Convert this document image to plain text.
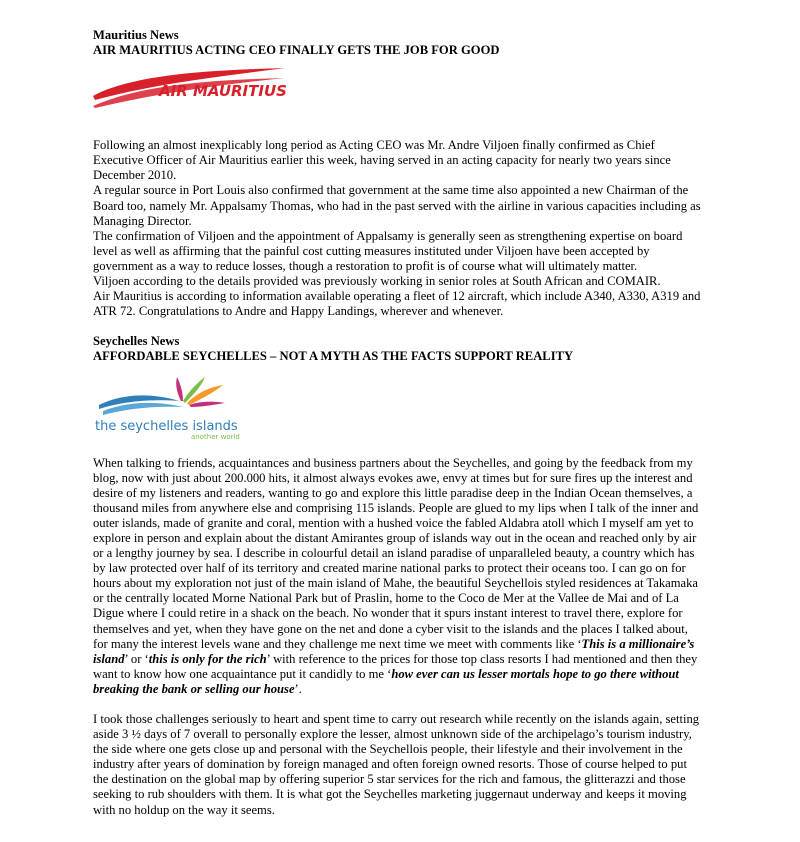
Mauritius News

AIR MAURITIUS ACTING CEO FINALLY GETS THE JOB FOR GOOD

AIR MAURITIUS

Following an almost inexplicably long period as Acting CEO was Mr. Andre Viljoen finally confirmed as Chief Executive Officer of Air Mauritius earlier this week, having served in an acting capacity for nearly two years since December 2010.

A regular source in Port Louis also confirmed that government at the same time also appointed a new Chairman of the Board too, namely Mr. Appalsamy Thomas, who had in the past served with the airline in various capacities including as Managing Director.

The confirmation of Viljoen and the appointment of Appalsamy is generally seen as strengthening expertise on board level as well as affirming that the painful cost cutting measures instituted under Viljoen have been accepted by government as a way to reduce losses, though a restoration to profit is of course what will ultimately matter.

Viljoen according to the details provided was previously working in senior roles at South African and COMAIR.

Air Mauritius is according to information available operating a fleet of 12 aircraft, which include A340, A330, A319 and ATR 72. Congratulations to Andre and Happy Landings, wherever and whenever.

Seychelles News

AFFORDABLE SEYCHELLES – NOT A MYTH AS THE FACTS SUPPORT REALITY

the seychelles islands
another world

When talking to friends, acquaintances and business partners about the Seychelles, and going by the feedback from my blog, now with just about 200.000 hits, it almost always evokes awe, envy at times but for sure fires up the interest and desire of my listeners and readers, wanting to go and explore this little paradise deep in the Indian Ocean themselves, a thousand miles from anywhere else and comprising 115 islands. People are glued to my lips when I talk of the inner and outer islands, made of granite and coral, mention with a hushed voice the fabled Aldabra atoll which I myself am yet to explore in person and explain about the distant Amirantes group of islands way out in the ocean and reached only by air or a lengthy journey by sea. I describe in colourful detail an island paradise of unparalleled beauty, a country which has by law protected over half of its territory and created marine national parks to protect their oceans too. I can go on for hours about my exploration not just of the main island of Mahe, the beautiful Seychellois styled residences at Takamaka or the centrally located Morne National Park but of Praslin, home to the Coco de Mer at the Vallee de Mai and of La Digue where I could retire in a shack on the beach. No wonder that it spurs instant interest to travel there, explore for themselves and yet, when they have gone on the net and done a cyber visit to the islands and the places I talked about, for many the interest levels wane and they challenge me next time we meet with comments like ‘This is a millionaire’s island’ or ‘this is only for the rich’ with reference to the prices for those top class resorts I had mentioned and then they want to know how one acquaintance put it candidly to me ‘how ever can us lesser mortals hope to go there without breaking the bank or selling our house’.

I took those challenges seriously to heart and spent time to carry out research while recently on the islands again, setting aside 3 ½ days of 7 overall to personally explore the lesser, almost unknown side of the archipelago’s tourism industry, the side where one gets close up and personal with the Seychellois people, their lifestyle and their involvement in the industry after years of domination by foreign managed and often foreign owned resorts. Those of course helped to put the destination on the global map by offering superior 5 star services for the rich and famous, the glitterazzi and those seeking to rub shoulders with them. It is what got the Seychelles marketing juggernaut underway and keeps it moving with no holdup on the way it seems.
